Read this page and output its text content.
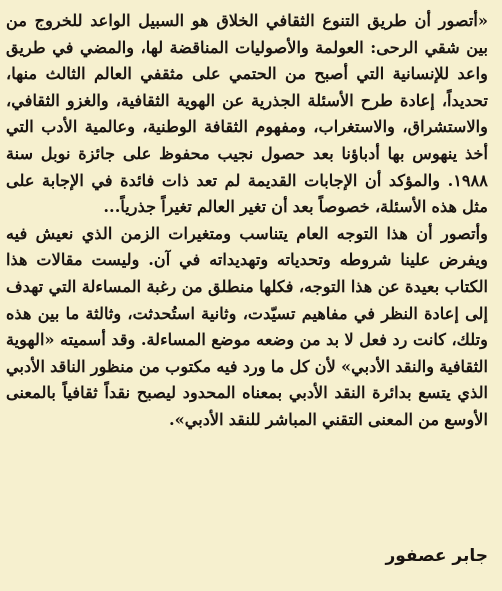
«أتصور أن طريق التنوع الثقافي الخلاق هو السبيل الواعد للخروج من بين شقي الرحى: العولمة والأصوليات المناقضة لها، والمضي في طريق واعد للإنسانية التي أصبح من الحتمي على مثقفي العالم الثالث منها، تحديداً، إعادة طرح الأسئلة الجذرية عن الهوية الثقافية، والغزو الثقافي، والاستشراق، والاستغراب، ومفهوم الثقافة الوطنية، وعالمية الأدب التي أخذ ينهوس بها أدباؤنا بعد حصول نجيب محفوظ على جائزة نوبل سنة ١٩٨٨. والمؤكد أن الإجابات القديمة لم تعد ذات فائدة في الإجابة على مثل هذه الأسئلة، خصوصاً بعد أن تغير العالم تغيراً جذرياً...

وأتصور أن هذا التوجه العام يتناسب ومتغيرات الزمن الذي نعيش فيه ويفرض علينا شروطه وتحدياته وتهديداته في آن. وليست مقالات هذا الكتاب بعيدة عن هذا التوجه، فكلها منطلق من رغبة المساءلة التي تهدف إلى إعادة النظر في مفاهيم تسيّدت، وثانية استُحدثت، وثالثة ما بين هذه وتلك، كانت رد فعل لا بد من وضعه موضع المساءلة. وقد أسميته «الهوية الثقافية والنقد الأدبي» لأن كل ما ورد فيه مكتوب من منظور الناقد الأدبي الذي يتسع بدائرة النقد الأدبي بمعناه المحدود ليصبح نقداً ثقافياً بالمعنى الأوسع من المعنى التقني المباشر للنقد الأدبي».

جابر عصفور
